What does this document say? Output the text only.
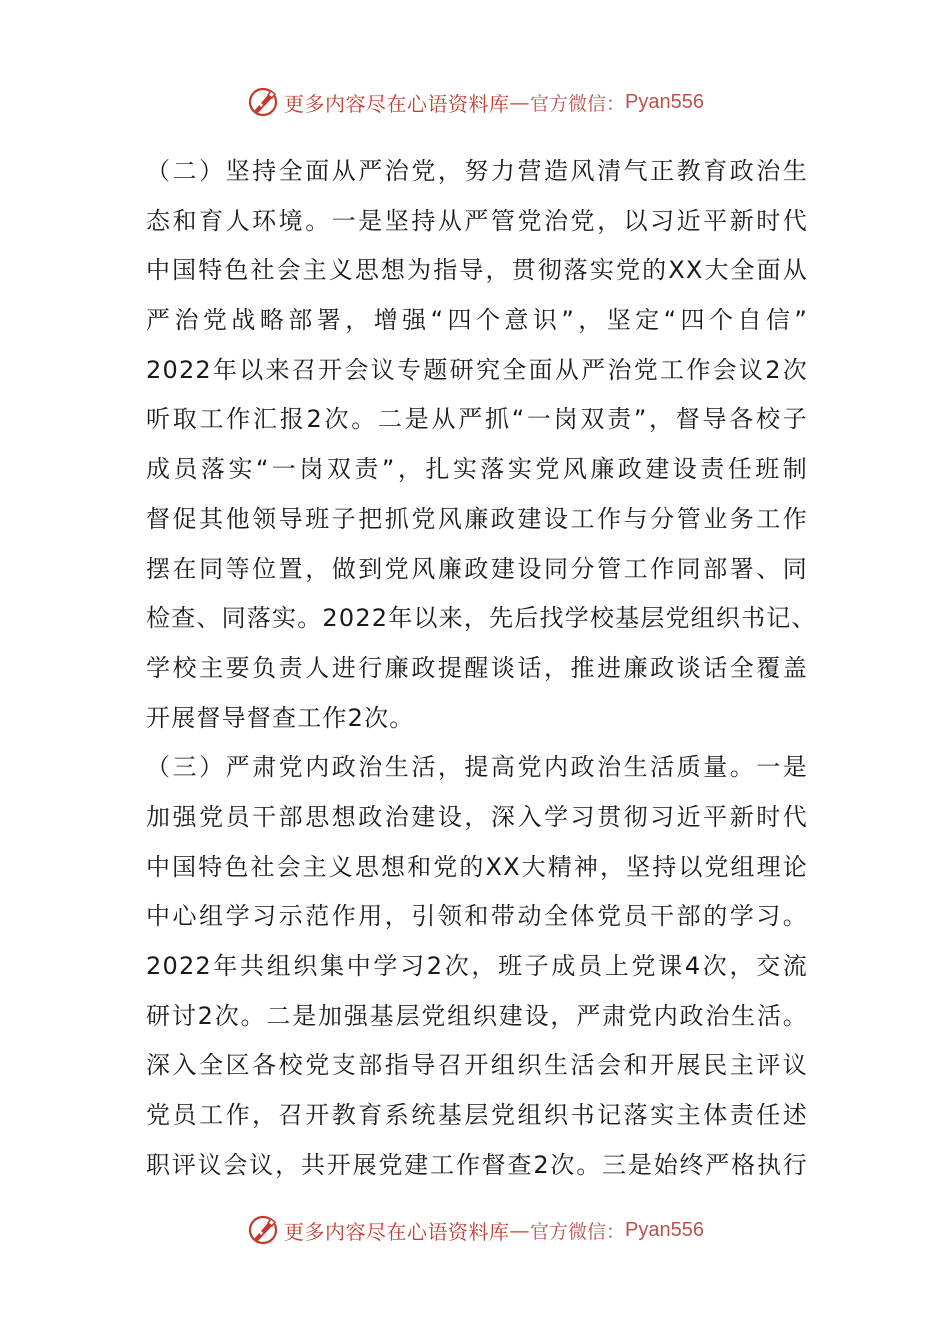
更多内容尽在心语资料库 — 官方微信： Pyan556
（二）坚持全面从严治党，努力营造风清气正教育政治生
态和育人环境。一是坚持从严管党治党，以习近平新时代
中国特色社会主义思想为指导，贯彻落实党的XX大全面从
严治党战略部署，增强“四个意识”，坚定“四个自信”
2022年以来召开会议专题研究全面从严治党工作会议2次
听取工作汇报2次。二是从严抓“一岗双责”，督导各校子
成员落实“一岗双责”，扎实落实党风廉政建设责任班制
督促其他领导班子把抓党风廉政建设工作与分管业务工作
摆在同等位置，做到党风廉政建设同分管工作同部署、同
检查、同落实。2022年以来，先后找学校基层党组织书记、
学校主要负责人进行廉政提醒谈话，推进廉政谈话全覆盖
开展督导督查工作2次。
（三）严肃党内政治生活，提高党内政治生活质量。一是
加强党员干部思想政治建设，深入学习贯彻习近平新时代
中国特色社会主义思想和党的XX大精神，坚持以党组理论
中心组学习示范作用，引领和带动全体党员干部的学习。
2022年共组织集中学习2次，班子成员上党课4次，交流
研讨2次。二是加强基层党组织建设，严肃党内政治生活。
深入全区各校党支部指导召开组织生活会和开展民主评议
党员工作，召开教育系统基层党组织书记落实主体责任述
职评议会议，共开展党建工作督查2次。三是始终严格执行
更多内容尽在心语资料库 — 官方微信： Pyan556
